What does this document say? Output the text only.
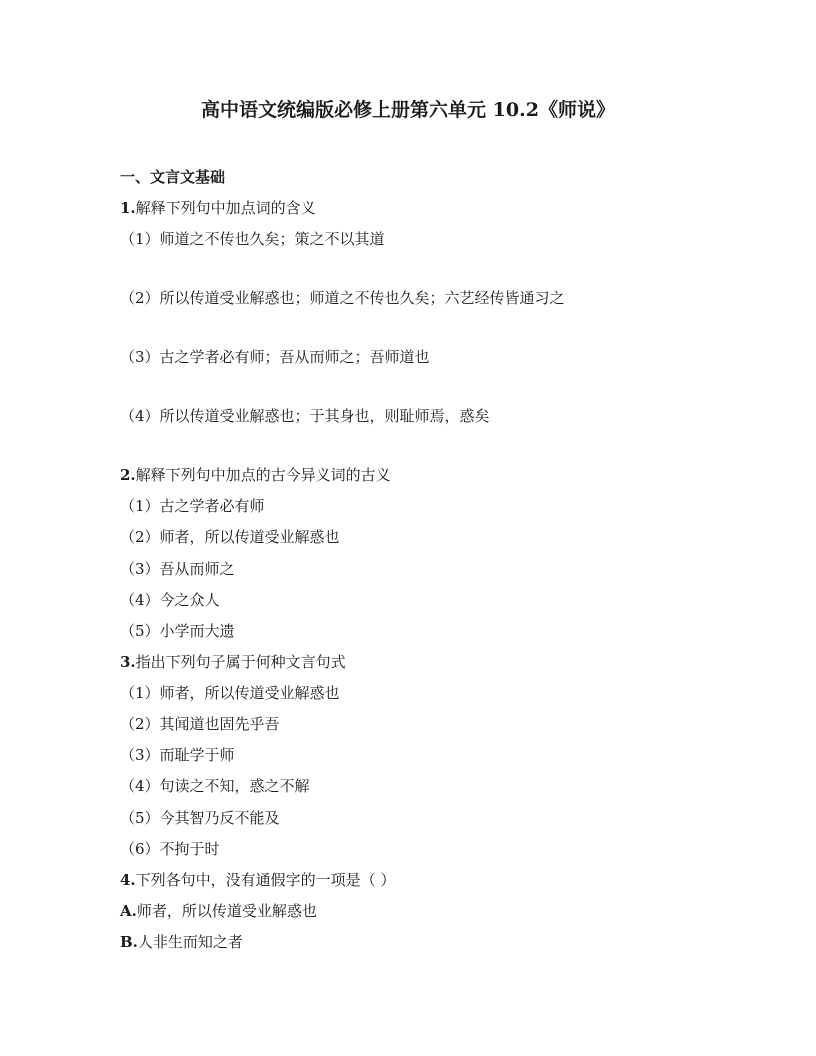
高中语文统编版必修上册第六单元 10.2《师说》
一、文言文基础
1.解释下列句中加点词的含义
（1）师道之不传也久矣；策之不以其道
（2）所以传道受业解惑也；师道之不传也久矣；六艺经传皆通习之
（3）古之学者必有师；吾从而师之；吾师道也
（4）所以传道受业解惑也；于其身也，则耻师焉，惑矣
2.解释下列句中加点的古今异义词的古义
（1）古之学者必有师
（2）师者，所以传道受业解惑也
（3）吾从而师之
（4）今之众人
（5）小学而大遗
3.指出下列句子属于何种文言句式
（1）师者，所以传道受业解惑也
（2）其闻道也固先乎吾
（3）而耻学于师
（4）句读之不知，惑之不解
（5）今其智乃反不能及
（6）不拘于时
4.下列各句中，没有通假字的一项是（ ）
A.师者，所以传道受业解惑也
B.人非生而知之者
